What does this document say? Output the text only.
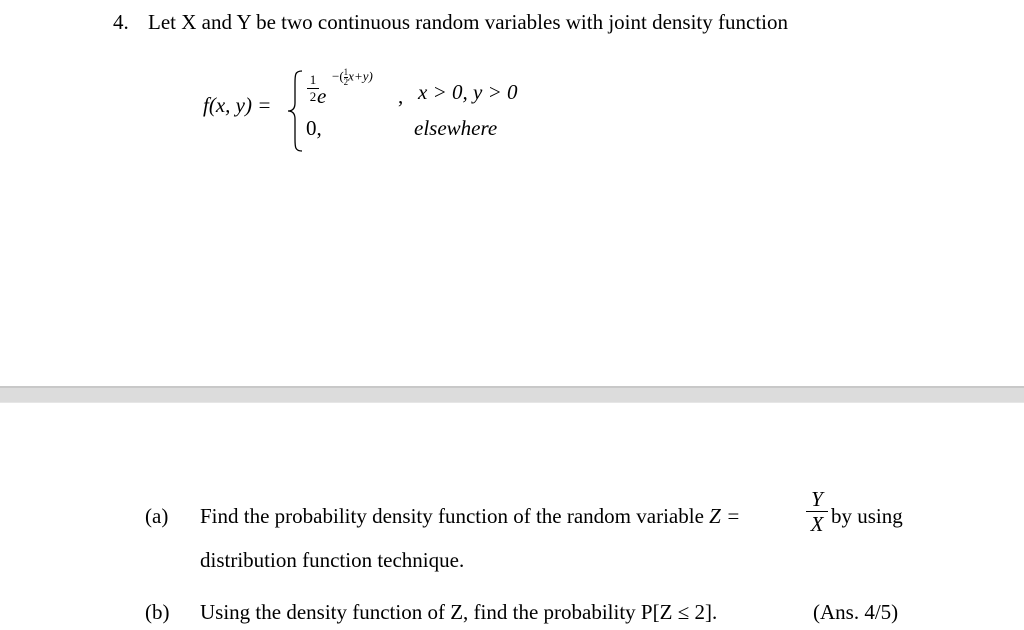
4. Let X and Y be two continuous random variables with joint density function
f(x, y) =
1
2 e
$-(\frac{1}{2}x+y)$
, x > 0, y > 0
0,	elsewhere
(a) Find the probability density function of the random variable Z =
Y
X by using
distribution function technique.
(b) Using the density function of Z, find the probability P[Z ≤ 2].	(Ans. 4/5)
